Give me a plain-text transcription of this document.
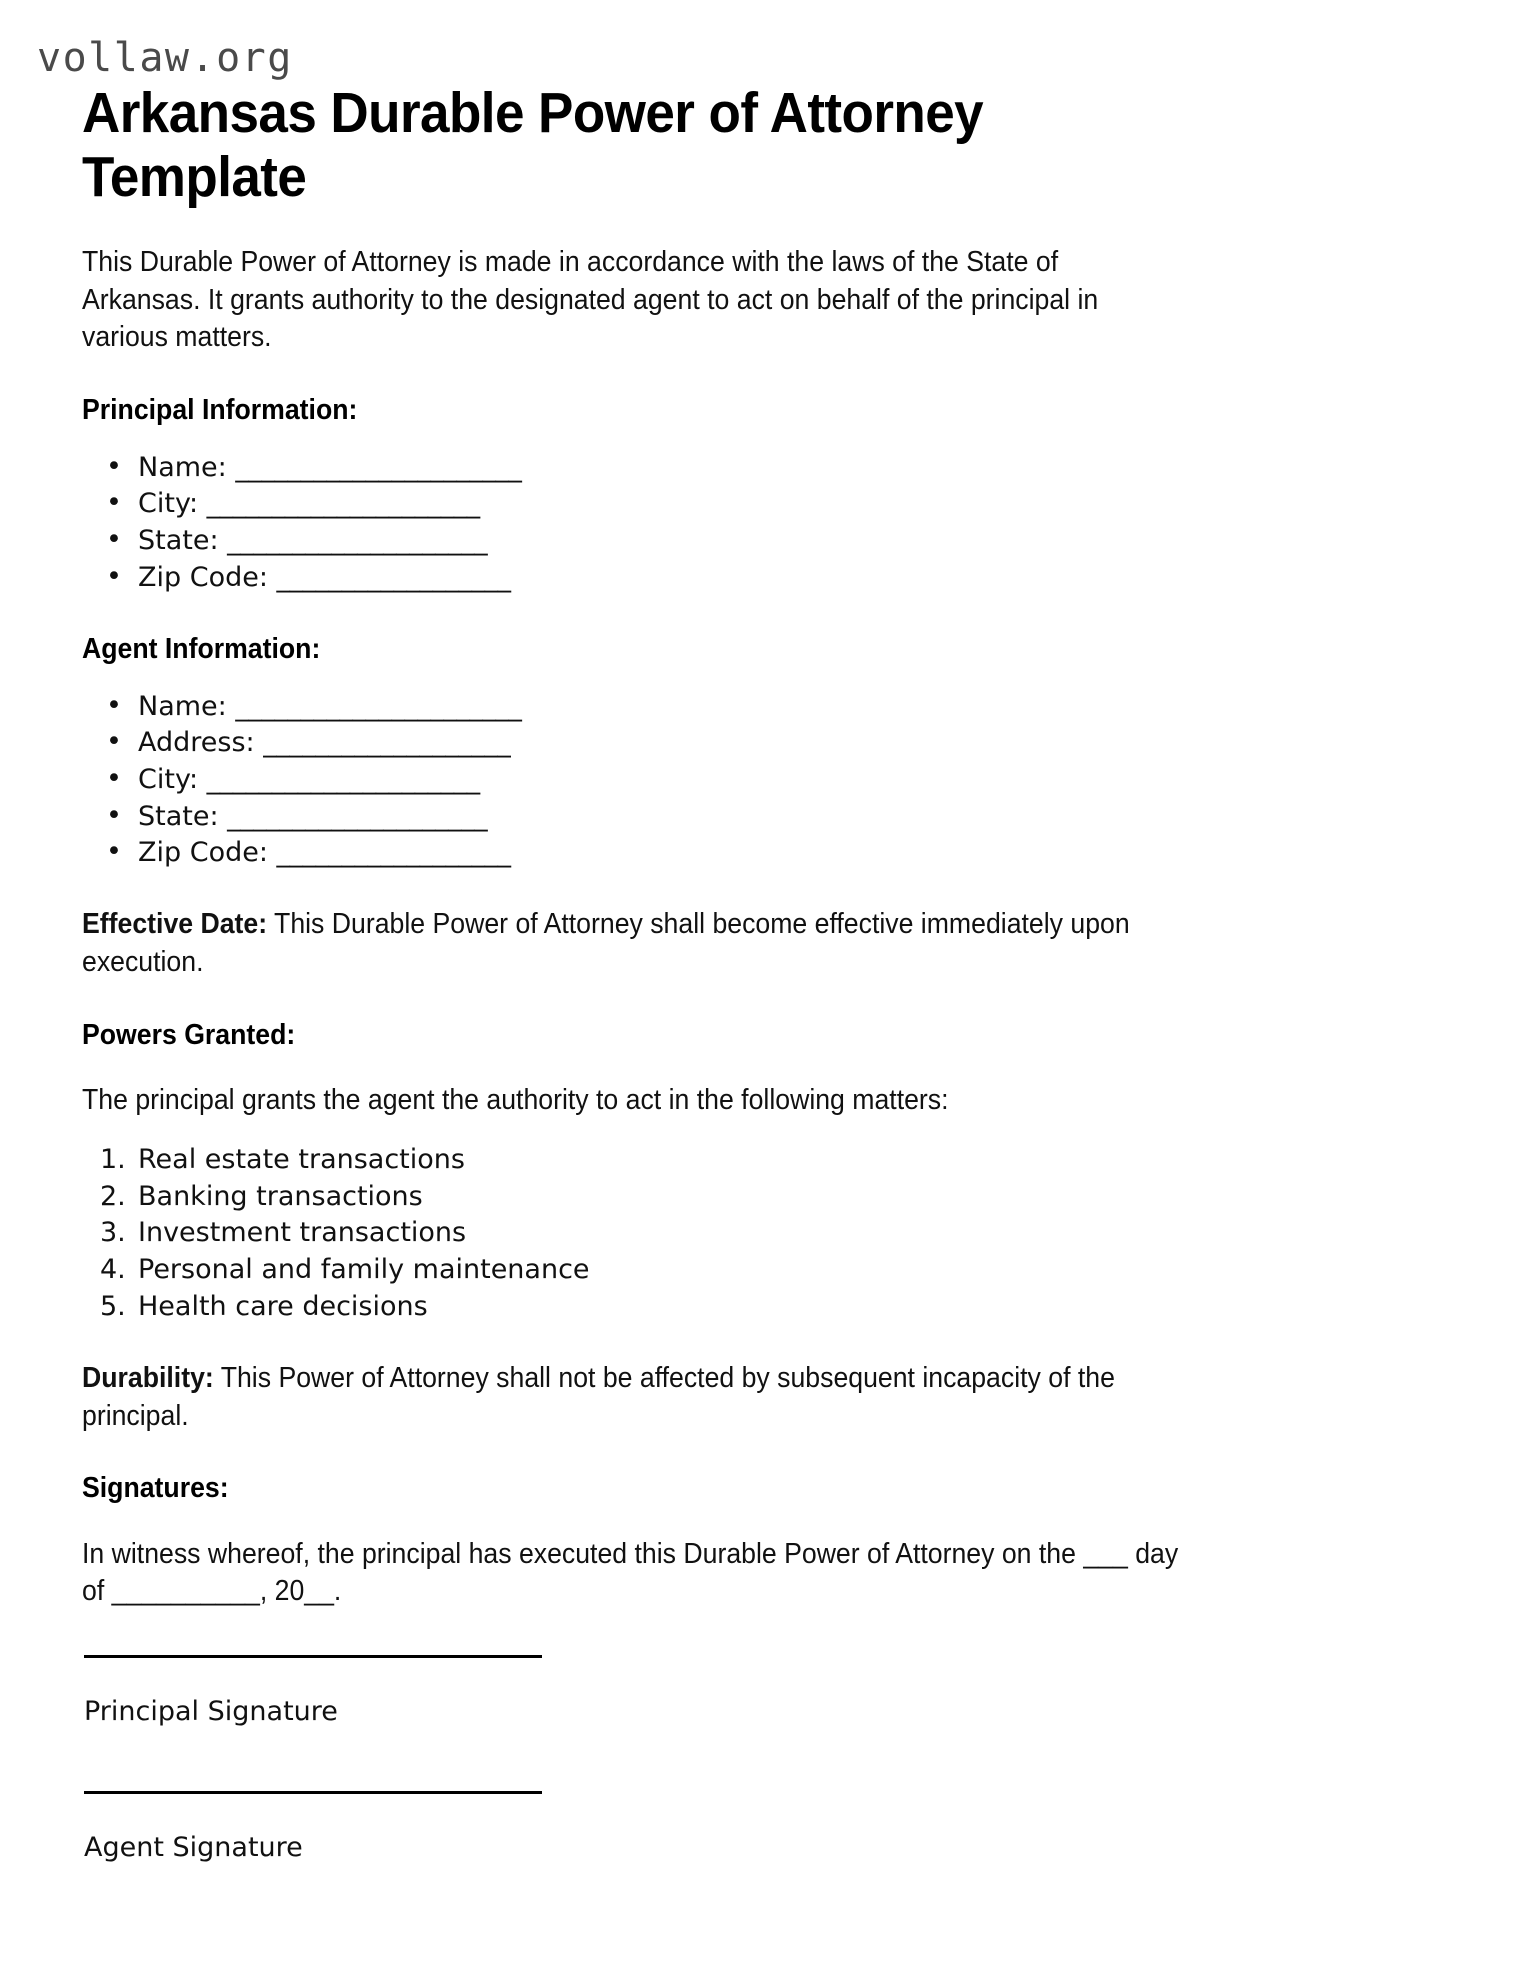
vollaw.org
Arkansas Durable Power of Attorney Template

This Durable Power of Attorney is made in accordance with the laws of the State of Arkansas. It grants authority to the designated agent to act on behalf of the principal in various matters.

Principal Information:
• Name: ______________________
• City: _____________________
• State: ____________________
• Zip Code: __________________
Agent Information:
• Name: ______________________
• Address: ___________________
• City: _____________________
• State: ____________________
• Zip Code: __________________

Effective Date: This Durable Power of Attorney shall become effective immediately upon execution.

Powers Granted:

The principal grants the agent the authority to act in the following matters:

1. Real estate transactions
2. Banking transactions
3. Investment transactions
4. Personal and family maintenance
5. Health care decisions

Durability: This Power of Attorney shall not be affected by subsequent incapacity of the principal.

Signatures:

In witness whereof, the principal has executed this Durable Power of Attorney on the ___ day of __________, 20__.

Principal Signature
Agent Signature
